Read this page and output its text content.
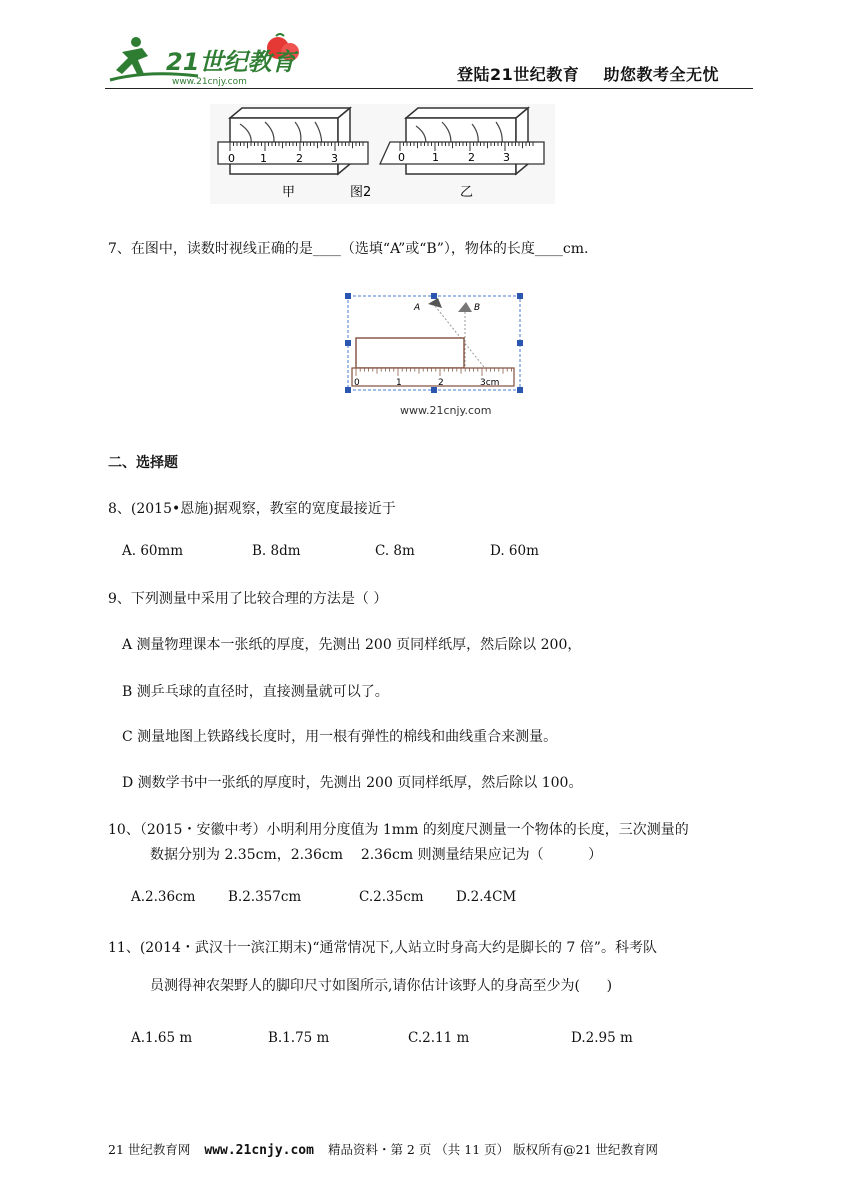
21世纪教育
www.21cnjy.com	登陆21世纪教育    助您教考全无忧
0 1	2	3
甲	图2
0 1	2	3
乙
7、在图中，读数时视线正确的是____（选填“A”或“B”），物体的长度____cm.
A	B
0	1	2	3cm
www.21cnjy.com
二、选择题
8、(2015•恩施)据观察，教室的宽度最接近于
A. 60mm	B. 8dm	C. 8m	D. 60m
9、下列测量中采用了比较合理的方法是（ ）
A 测量物理课本一张纸的厚度，先测出 200 页同样纸厚，然后除以 200，
B 测乒乓球的直径时，直接测量就可以了。
C 测量地图上铁路线长度时，用一根有弹性的棉线和曲线重合来测量。
D 测数学书中一张纸的厚度时，先测出 200 页同样纸厚，然后除以 100。
10、（2015・安徽中考）小明利用分度值为 1mm 的刻度尺测量一个物体的长度，三次测量的
数据分别为 2.35cm，2.36cm    2.36cm 则测量结果应记为（          ）
A.2.36cm B.2.357cm	C.2.35cm D.2.4CM
11、(2014・武汉十一滨江期末)“通常情况下,人站立时身高大约是脚长的 7 倍”。科考队
员测得神农架野人的脚印尺寸如图所示,请你估计该野人的身高至少为(      )
A.1.65 m	B.1.75 m	C.2.11 m	D.2.95 m
21 世纪教育网 www.21cnjy.com 精品资料・第 2 页 （共 11 页） 版权所有@21 世纪教育网
